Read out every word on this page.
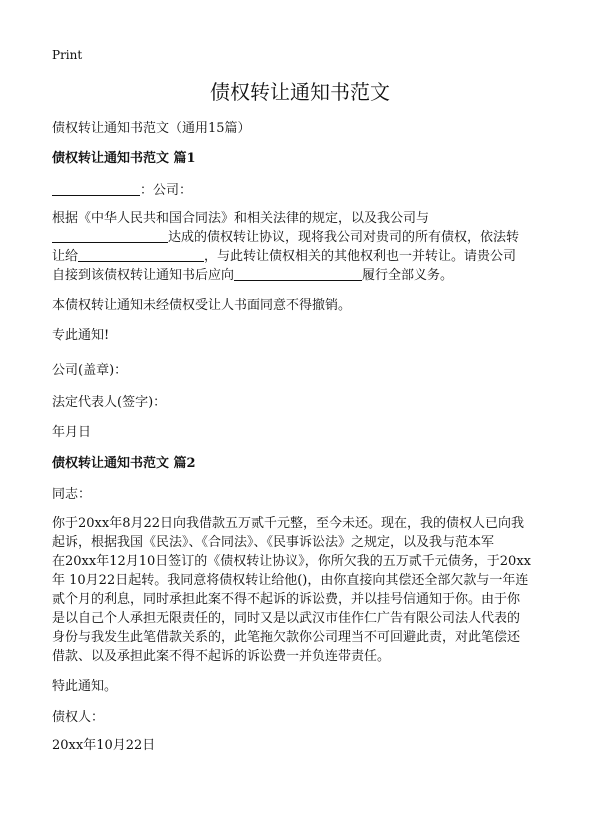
Print
债权转让通知书范文
债权转让通知书范文（通用15篇）
债权转让通知书范文 篇1
：公司：
根据《中华人民共和国合同法》和相关法律的规定，以及我公司与
达成的债权转让协议，现将我公司对贵司的所有债权，依法转
让给	，与此转让债权相关的其他权利也一并转让。请贵公司
自接到该债权转让通知书后应向	履行全部义务。
本债权转让通知未经债权受让人书面同意不得撤销。
专此通知!
公司(盖章)：
法定代表人(签字)：
年月日
债权转让通知书范文 篇2
同志：
你于20xx年8月22日向我借款五万贰千元整，至今未还。现在，我的债权人已向我
起诉，根据我国《民法》、《合同法》、《民事诉讼法》之规定，以及我与范本军
在20xx年12月10日签订的《债权转让协议》，你所欠我的五万贰千元债务，于20xx
年 10月22日起转。我同意将债权转让给他()，由你直接向其偿还全部欠款与一年连
贰个月的利息，同时承担此案不得不起诉的诉讼费，并以挂号信通知于你。由于你
是以自己个人承担无限责任的，同时又是以武汉市佳作仁广告有限公司法人代表的
身份与我发生此笔借款关系的，此笔拖欠款你公司理当不可回避此责，对此笔偿还
借款、以及承担此案不得不起诉的诉讼费一并负连带责任。
特此通知。
债权人：
20xx年10月22日
